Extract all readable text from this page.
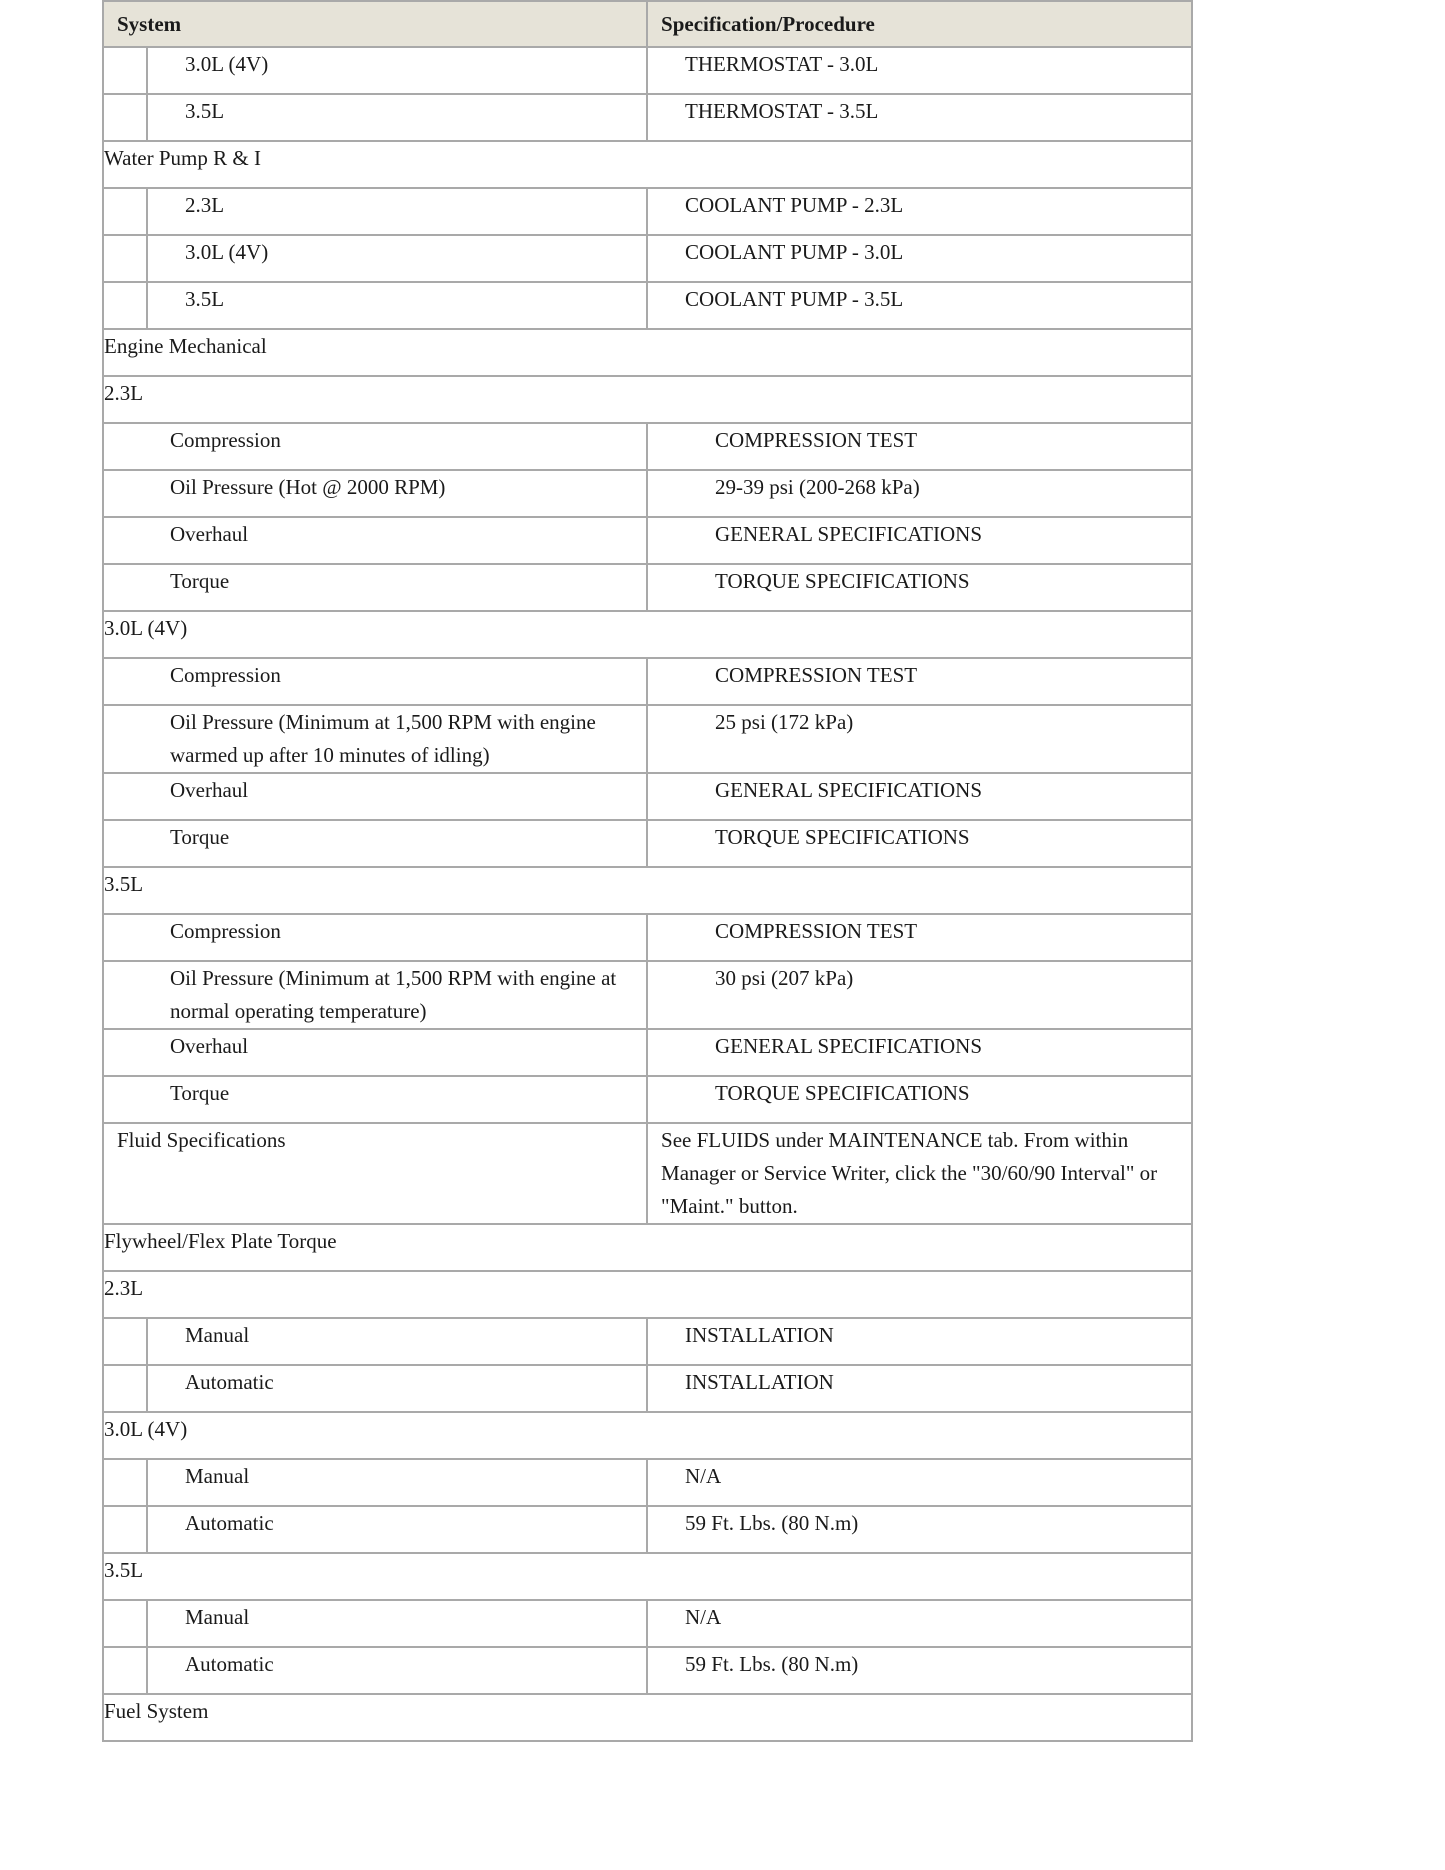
System		Specification/Procedure
	3.0L (4V)	THERMOSTAT - 3.0L
	3.5L	THERMOSTAT - 3.5L
Water Pump R & I		
	2.3L	COOLANT PUMP - 2.3L
	3.0L (4V)	COOLANT PUMP - 3.0L
	3.5L	COOLANT PUMP - 3.5L
Engine Mechanical		
2.3L		
Compression		COMPRESSION TEST
Oil Pressure (Hot @ 2000 RPM)		29-39 psi (200-268 kPa)
Overhaul		GENERAL SPECIFICATIONS
Torque		TORQUE SPECIFICATIONS
3.0L (4V)		
Compression		COMPRESSION TEST
Oil Pressure (Minimum at 1,500 RPM with engine warmed up after 10 minutes of idling)		25 psi (172 kPa)
Overhaul		GENERAL SPECIFICATIONS
Torque		TORQUE SPECIFICATIONS
3.5L		
Compression		COMPRESSION TEST
Oil Pressure (Minimum at 1,500 RPM with engine at normal operating temperature)		30 psi (207 kPa)
Overhaul		GENERAL SPECIFICATIONS
Torque		TORQUE SPECIFICATIONS
Fluid Specifications		See FLUIDS under MAINTENANCE tab. From within Manager or Service Writer, click the "30/60/90 Interval" or "Maint." button.
Flywheel/Flex Plate Torque		
2.3L		
	Manual	INSTALLATION
	Automatic	INSTALLATION
3.0L (4V)		
	Manual	N/A
	Automatic	59 Ft. Lbs. (80 N.m)
3.5L		
	Manual	N/A
	Automatic	59 Ft. Lbs. (80 N.m)
Fuel System		
